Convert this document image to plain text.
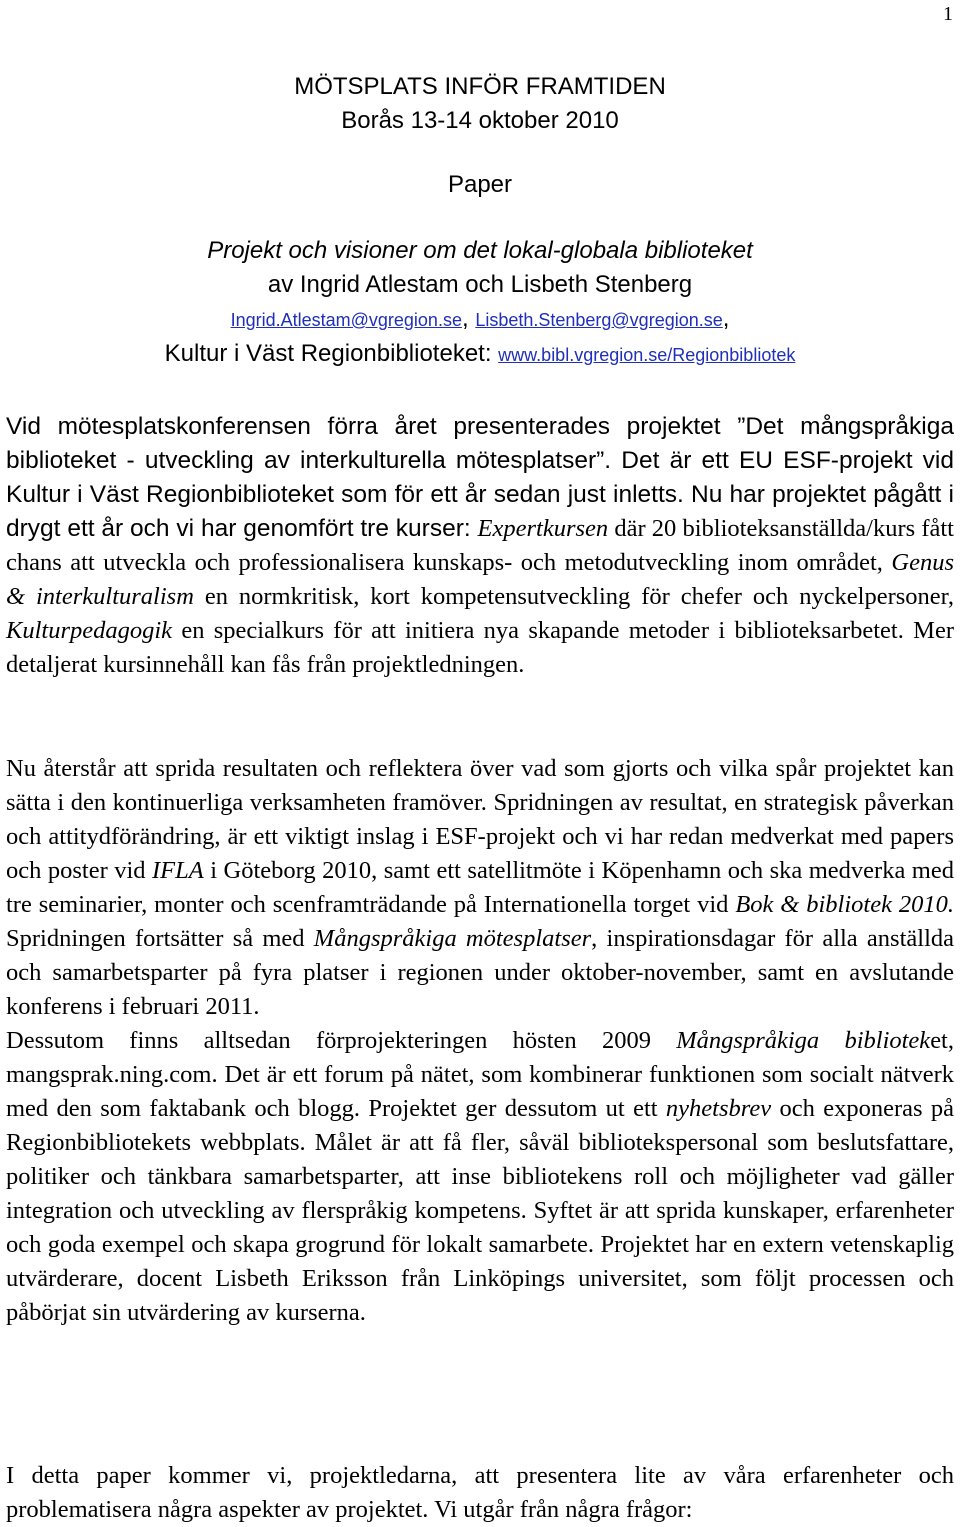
1
MÖTSPLATS INFÖR FRAMTIDEN
Borås 13-14 oktober 2010
Paper
Projekt och visioner om det lokal-globala biblioteket
av Ingrid Atlestam och Lisbeth Stenberg
Ingrid.Atlestam@vgregion.se, Lisbeth.Stenberg@vgregion.se,
Kultur i Väst Regionbiblioteket: www.bibl.vgregion.se/Regionbibliotek

Vid mötesplatskonferensen förra året presenterades projektet ”Det mångspråkiga biblioteket - utveckling av interkulturella mötesplatser”. Det är ett EU ESF-projekt vid Kultur i Väst Regionbiblioteket som för ett år sedan just inletts. Nu har projektet pågått i drygt ett år och vi har genomfört tre kurser: Expertkursen där 20 biblioteksanställda/kurs fått chans att utveckla och professionalisera kunskaps- och metodutveckling inom området, Genus & interkulturalism en normkritisk, kort kompetensutveckling för chefer och nyckelpersoner, Kulturpedagogik en specialkurs för att initiera nya skapande metoder i biblioteksarbetet. Mer detaljerat kursinnehåll kan fås från projektledningen.

Nu återstår att sprida resultaten och reflektera över vad som gjorts och vilka spår projektet kan sätta i den kontinuerliga verksamheten framöver. Spridningen av resultat, en strategisk påverkan och attitydförändring, är ett viktigt inslag i ESF-projekt och vi har redan medverkat med papers och poster vid IFLA i Göteborg 2010, samt ett satellitmöte i Köpenhamn och ska medverka med tre seminarier, monter och scenframträdande på Internationella torget vid Bok & bibliotek 2010. Spridningen fortsätter så med Mångspråkiga mötesplatser, inspirationsdagar för alla anställda och samarbetsparter på fyra platser i regionen under oktober-november, samt en avslutande konferens i februari 2011.

Dessutom finns alltsedan förprojekteringen hösten 2009 Mångspråkiga biblioteket, mangsprak.ning.com. Det är ett forum på nätet, som kombinerar funktionen som socialt nätverk med den som faktabank och blogg. Projektet ger dessutom ut ett nyhetsbrev och exponeras på Regionbibliotekets webbplats. Målet är att få fler, såväl bibliotekspersonal som beslutsfattare, politiker och tänkbara samarbetsparter, att inse bibliotekens roll och möjligheter vad gäller integration och utveckling av flerspråkig kompetens. Syftet är att sprida kunskaper, erfarenheter och goda exempel och skapa grogrund för lokalt samarbete. Projektet har en extern vetenskaplig utvärderare, docent Lisbeth Eriksson från Linköpings universitet, som följt processen och påbörjat sin utvärdering av kurserna.

I detta paper kommer vi, projektledarna, att presentera lite av våra erfarenheter och problematisera några aspekter av projektet. Vi utgår från några frågor:
